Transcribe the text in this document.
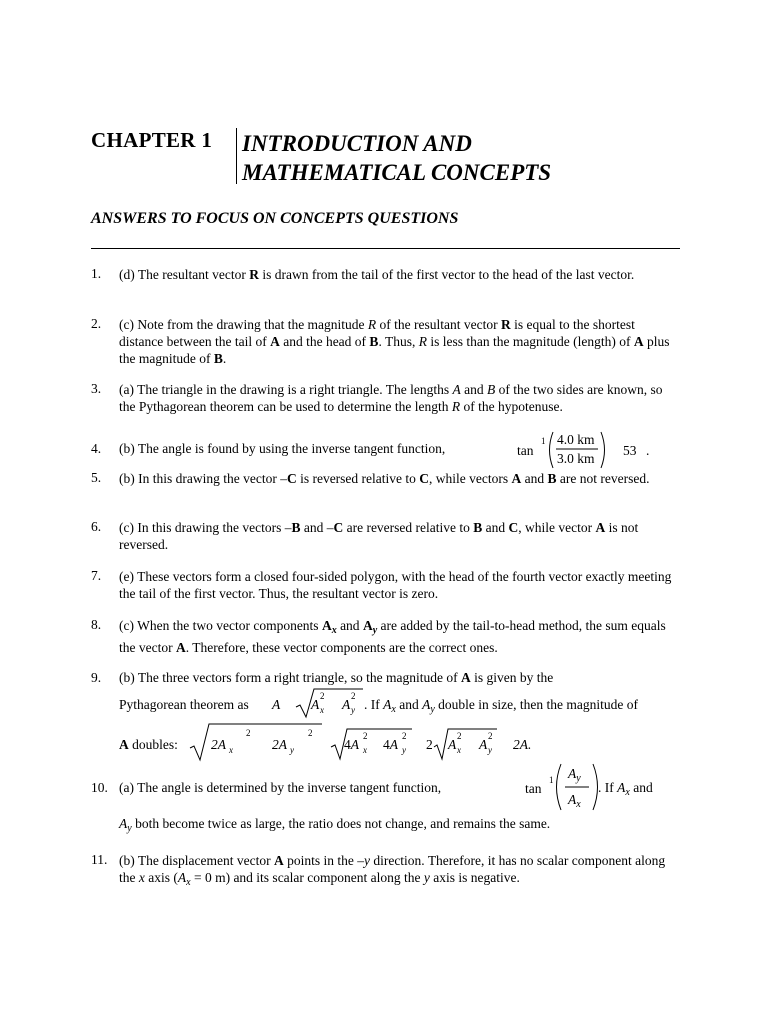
CHAPTER 1 INTRODUCTION AND
MATHEMATICAL CONCEPTS
ANSWERS TO FOCUS ON CONCEPTS QUESTIONS
1. (d) The resultant vector R is drawn from the tail of the first vector to the head of the last vector.
2. (c) Note from the drawing that the magnitude R of the resultant vector R is equal to the shortest distance between the tail of A and the head of B. Thus, R is less than the magnitude (length) of A plus the magnitude of B.
3. (a) The triangle in the drawing is a right triangle. The lengths A and B of the two sides are known, so the Pythagorean theorem can be used to determine the length R of the hypotenuse.
4. (b) The angle is found by using the inverse tangent function,	tan
1 4.0 km
3.0 km
53 .
5. (b) In this drawing the vector –C is reversed relative to C, while vectors A and B are not reversed.
6. (c) In this drawing the vectors –B and –C are reversed relative to B and C, while vector A is not reversed.
7. (e) These vectors form a closed four-sided polygon, with the head of the fourth vector exactly meeting the tail of the first vector. Thus, the resultant vector is zero.
8. (c) When the two vector components $A_x$ and $A_y$ are added by the tail-to-head method, the sum equals the vector A. Therefore, these vector components are the correct ones.
9. (b) The three vectors form a right triangle, so the magnitude of A is given by the
Pythagorean theorem as A A
2
x A
2
y . If $A_x$ and $A_y$ double in size, then the magnitude of
A doubles: 2A x
2
2A y
2
4A
2
x 4A
2
y 2 A
2
x A
2
y 2A.
10. (a) The angle is determined by the inverse tangent function,	tan
1 $A_y$
$A_x$
. If $A_x$ and
$A_y$ both become twice as large, the ratio does not change, and remains the same.
11. (b) The displacement vector A points in the –y direction. Therefore, it has no scalar component along the x axis ($A_x = 0$ m) and its scalar component along the y axis is negative.
